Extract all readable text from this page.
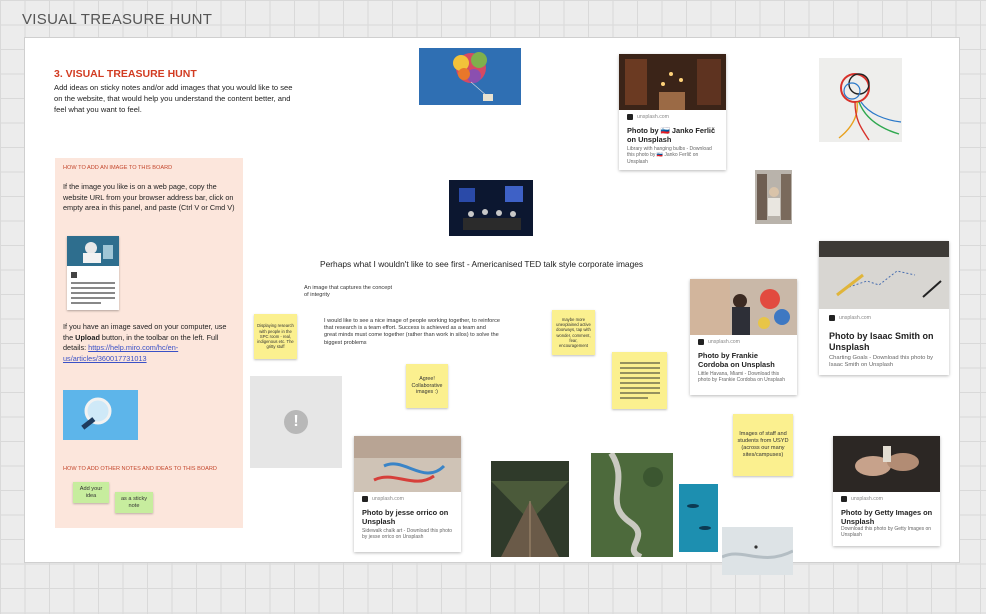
VISUAL TREASURE HUNT
3. VISUAL TREASURE HUNT
Add ideas on sticky notes and/or add images that you would like to see on the website, that would help you understand the content better, and feel what you want to feel.
HOW TO ADD AN IMAGE TO THIS BOARD
If the image you like is on a web page, copy the website URL from your browser address bar, click on empty area in this panel, and paste (Ctrl V or Cmd V)
If you have an image saved on your computer, use the Upload button, in the toolbar on the left. Full details: https://help.miro.com/hc/en-us/articles/360017731013
HOW TO ADD OTHER NOTES AND IDEAS TO THIS BOARD
Add your idea
as a sticky note
unsplash.com
Photo by 🇸🇮 Janko Ferlič on Unsplash
Library with hanging bulbs - Download this photo by 🇸🇮 Janko Ferlič on Unsplash
Perhaps what I wouldn't like to see first - Americanised TED talk style corporate images
An image that captures the concept of integrity
Displaying research with people in the SPC room - real, indigenous etc. The gritty stuff
I would like to see a nice image of people working together, to reinforce that research is a team effort. Success is achieved as a team and great minds must come together (rather than work in silos) to solve the biggest problems
Agree! Collaborative images :)
maybe more unexplained active doorways, tap with wonder, comment, fear, encouragement
unsplash.com
Photo by Frankie Cordoba on Unsplash
Little Havana, Miami - Download this photo by Frankie Cordoba on Unsplash
unsplash.com
Photo by Isaac Smith on Unsplash
Charting Goals - Download this photo by Isaac Smith on Unsplash
!
unsplash.com
Photo by jesse orrico on Unsplash
Sidewalk chalk art - Download this photo by jesse orrico on Unsplash
Images of staff and students from USYD (across our many sites/campuses)
unsplash.com
Photo by Getty Images on Unsplash
Download this photo by Getty Images on Unsplash
